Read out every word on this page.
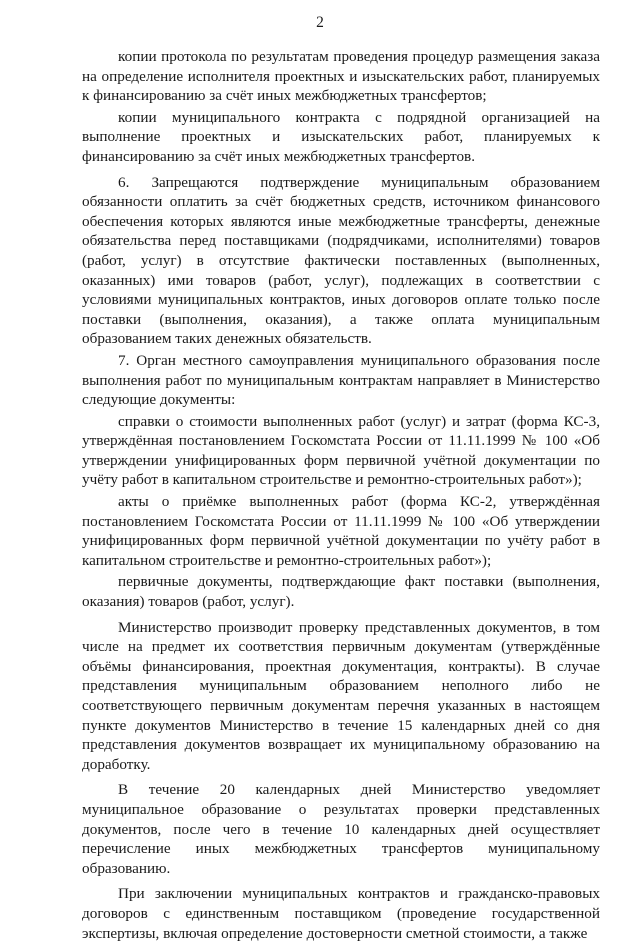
2

копии протокола по результатам проведения процедур размещения заказа на определение исполнителя проектных и изыскательских работ, планируемых к финансированию за счёт иных межбюджетных трансфертов;

копии муниципального контракта с подрядной организацией на выполнение проектных и изыскательских работ, планируемых к финансированию за счёт иных межбюджетных трансфертов.

6. Запрещаются подтверждение муниципальным образованием обязанности оплатить за счёт бюджетных средств, источником финансового обеспечения которых являются иные межбюджетные трансферты, денежные обязательства перед поставщиками (подрядчиками, исполнителями) товаров (работ, услуг) в отсутствие фактически поставленных (выполненных, оказанных) ими товаров (работ, услуг), подлежащих в соответствии с условиями муниципальных контрактов, иных договоров оплате только после поставки (выполнения, оказания), а также оплата муниципальным образованием таких денежных обязательств.

7. Орган местного самоуправления муниципального образования после выполнения работ по муниципальным контрактам направляет в Министерство следующие документы:

справки о стоимости выполненных работ (услуг) и затрат (форма КС-3, утверждённая постановлением Госкомстата России от 11.11.1999 № 100 «Об утверждении унифицированных форм первичной учётной документации по учёту работ в капитальном строительстве и ремонтно-строительных работ»);

акты о приёмке выполненных работ (форма КС-2, утверждённая постановлением Госкомстата России от 11.11.1999 № 100 «Об утверждении унифицированных форм первичной учётной документации по учёту работ в капитальном строительстве и ремонтно-строительных работ»);

первичные документы, подтверждающие факт поставки (выполнения, оказания) товаров (работ, услуг).

Министерство производит проверку представленных документов, в том числе на предмет их соответствия первичным документам (утверждённые объёмы финансирования, проектная документация, контракты). В случае представления муниципальным образованием неполного либо не соответствующего первичным документам перечня указанных в настоящем пункте документов Министерство в течение 15 календарных дней со дня представления документов возвращает их муниципальному образованию на доработку.

В течение 20 календарных дней Министерство уведомляет муниципальное образование о результатах проверки представленных документов, после чего в течение 10 календарных дней осуществляет перечисление иных межбюджетных трансфертов муниципальному образованию.

При заключении муниципальных контрактов и гражданско-правовых договоров с единственным поставщиком (проведение государственной экспертизы, включая определение достоверности сметной стоимости, а также
